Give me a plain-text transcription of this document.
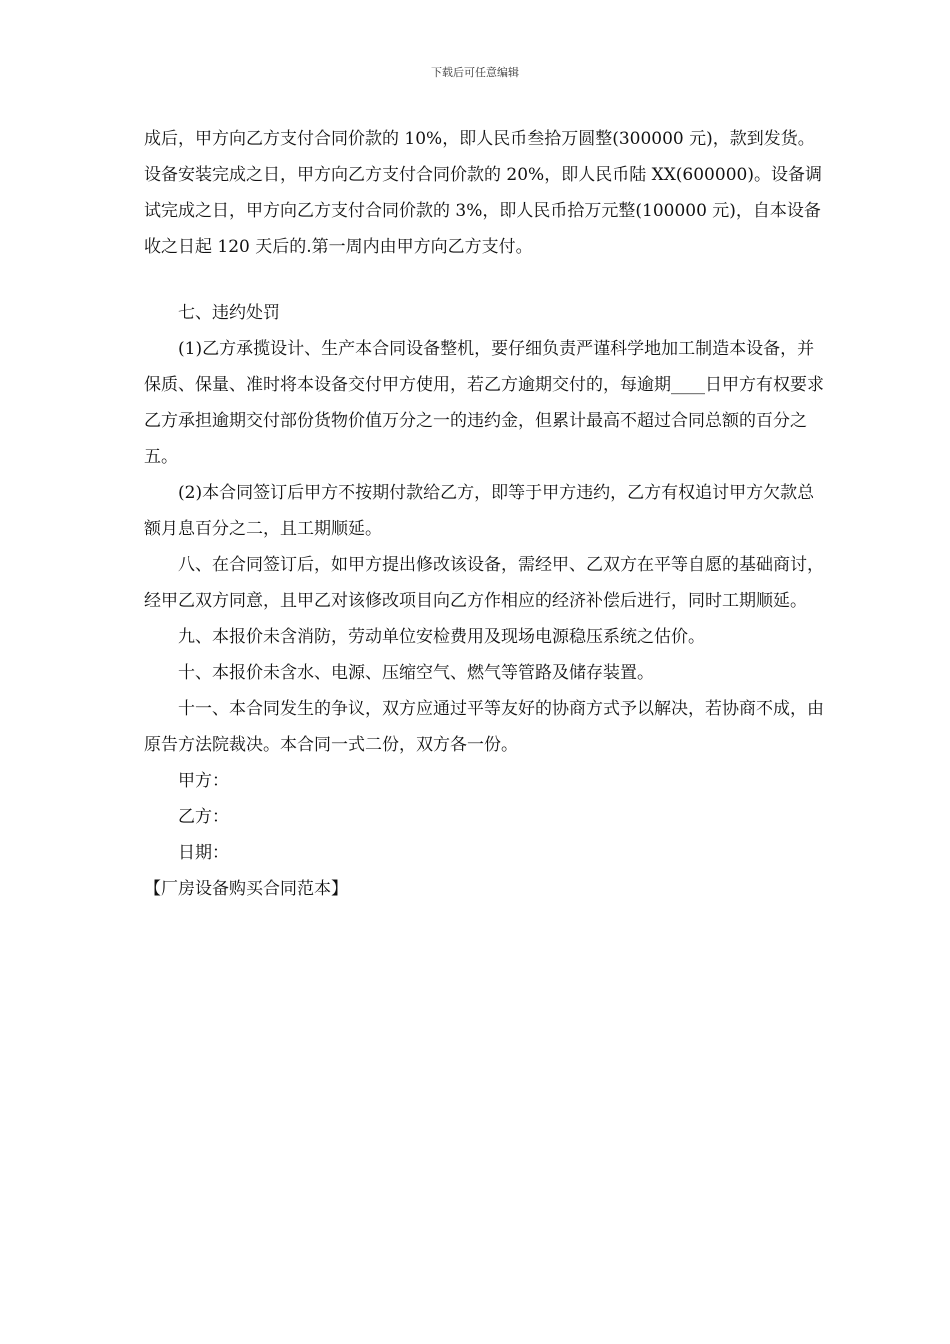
下载后可任意编辑

成后，甲方向乙方支付合同价款的 10%，即人民币叁拾万圆整(300000 元)，款到发货。设备安装完成之日，甲方向乙方支付合同价款的 20%，即人民币陆 XX(600000)。设备调试完成之日，甲方向乙方支付合同价款的 3%，即人民币拾万元整(100000 元)，自本设备收之日起 120 天后的.第一周内由甲方向乙方支付。

七、违约处罚

(1)乙方承揽设计、生产本合同设备整机，要仔细负责严谨科学地加工制造本设备，并保质、保量、准时将本设备交付甲方使用，若乙方逾期交付的，每逾期____日甲方有权要求乙方承担逾期交付部份货物价值万分之一的违约金，但累计最高不超过合同总额的百分之五。

(2)本合同签订后甲方不按期付款给乙方，即等于甲方违约，乙方有权追讨甲方欠款总额月息百分之二，且工期顺延。

八、在合同签订后，如甲方提出修改该设备，需经甲、乙双方在平等自愿的基础商讨，经甲乙双方同意，且甲乙对该修改项目向乙方作相应的经济补偿后进行，同时工期顺延。

九、本报价未含消防，劳动单位安检费用及现场电源稳压系统之估价。

十、本报价未含水、电源、压缩空气、燃气等管路及储存装置。

十一、本合同发生的争议，双方应通过平等友好的协商方式予以解决，若协商不成，由原告方法院裁决。本合同一式二份，双方各一份。

甲方：

乙方：

日期：

【厂房设备购买合同范本】
